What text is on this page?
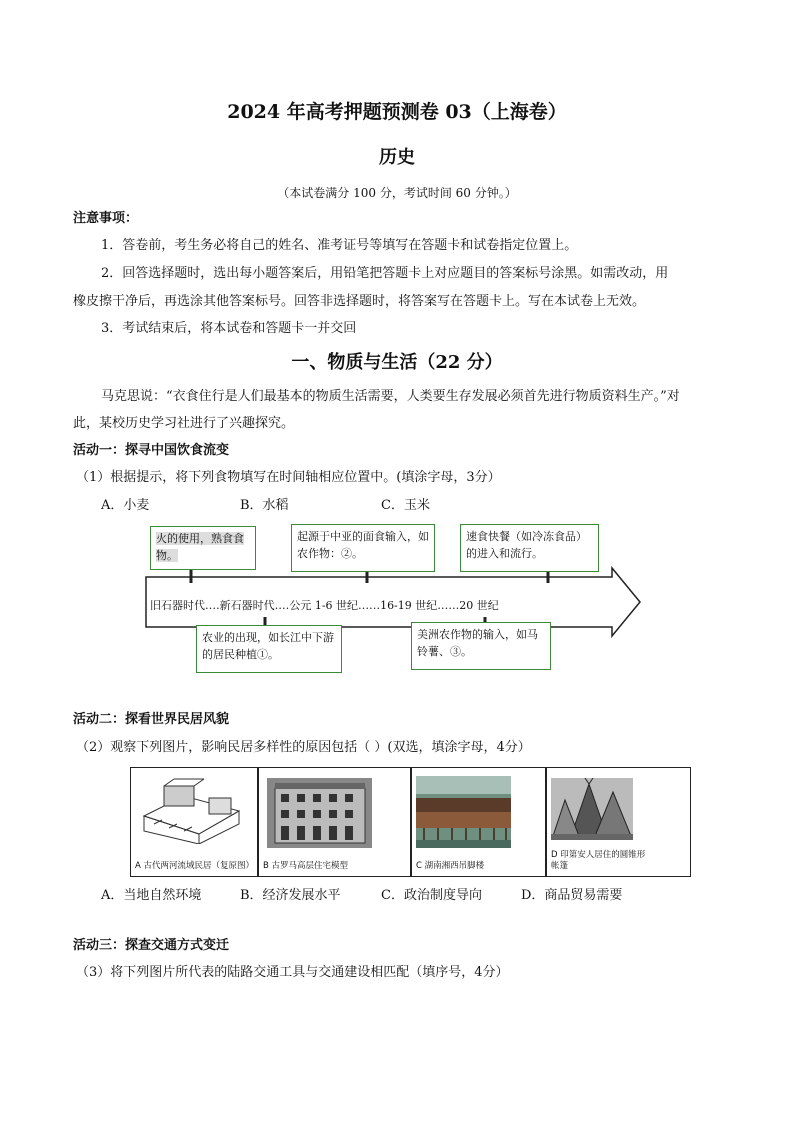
2024 年高考押题预测卷 03（上海卷）
历史
（本试卷满分 100 分，考试时间 60 分钟。）
注意事项：
1．答卷前，考生务必将自己的姓名、准考证号等填写在答题卡和试卷指定位置上。
2．回答选择题时，选出每小题答案后，用铅笔把答题卡上对应题目的答案标号涂黑。如需改动，用
橡皮擦干净后，再选涂其他答案标号。回答非选择题时，将答案写在答题卡上。写在本试卷上无效。
3．考试结束后，将本试卷和答题卡一并交回
一、物质与生活（22 分）
马克思说：“衣食住行是人们最基本的物质生活需要，人类要生存发展必须首先进行物质资料生产。”对
此，某校历史学习社进行了兴趣探究。
活动一：探寻中国饮食流变
（1）根据提示，将下列食物填写在时间轴相应位置中。(填涂字母，3分）
A．小麦	B．水稻	C．玉米
旧石器时代‥‥新石器时代‥‥公元 1-6 世纪‥‥‥16-19 世纪‥‥‥20 世纪
火的使用，熟食食物。
起源于中亚的面食输入，如农作物：②。
速食快餐（如冷冻食品）的进入和流行。
农业的出现，如长江中下游的居民种植①。
美洲农作物的输入，如马铃薯、③。
活动二：探看世界民居风貌
（2）观察下列图片，影响民居多样性的原因包括（ ）(双选，填涂字母，4分）
A 古代两河流域民居（复原图） B 古罗马高层住宅模型	C 湖南湘西吊脚楼
D 印第安人居住的圆锥形帐篷
A．当地自然环境	B．经济发展水平	C．政治制度导向	D．商品贸易需要
活动三：探查交通方式变迁
（3）将下列图片所代表的陆路交通工具与交通建设相匹配（填序号，4分）
